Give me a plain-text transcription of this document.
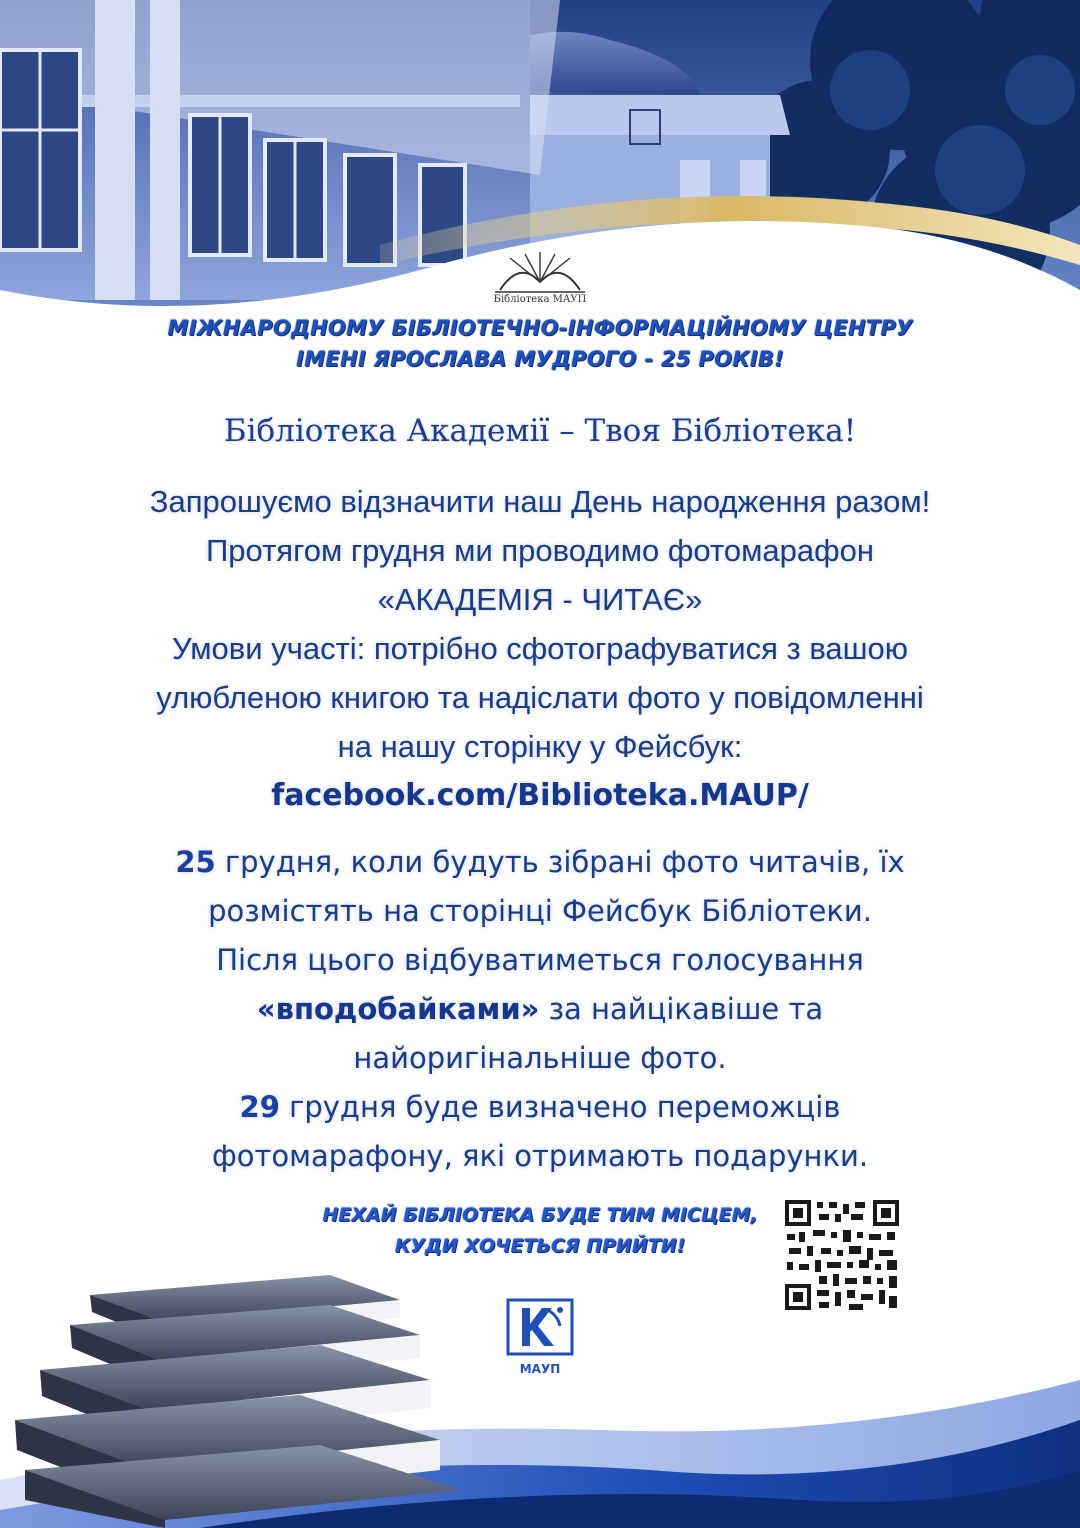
Бібліотека МАУП
МІЖНАРОДНОМУ БІБЛІОТЕЧНО-ІНФОРМАЦІЙНОМУ ЦЕНТРУ
ІМЕНІ ЯРОСЛАВА МУДРОГО - 25 РОКІВ!
Бібліотека Академії – Твоя Бібліотека!
Запрошуємо відзначити наш День народження разом!
Протягом грудня ми проводимо фотомарафон
«АКАДЕМІЯ - ЧИТАЄ»
Умови участі: потрібно сфотографуватися з вашою
улюбленою книгою та надіслати фото у повідомленні
на нашу сторінку у Фейсбук:
facebook.com/Biblioteka.MAUP/
25 грудня, коли будуть зібрані фото читачів, їх
розмістять на сторінці Фейсбук Бібліотеки.
Після цього відбуватиметься голосування
«вподобайками» за найцікавіше та
найоригінальніше фото.
29 грудня буде визначено переможців
фотомарафону, які отримають подарунки.
НЕХАЙ БІБЛІОТЕКА БУДЕ ТИМ МІСЦЕМ,
КУДИ ХОЧЕТЬСЯ ПРИЙТИ!
МАУП
